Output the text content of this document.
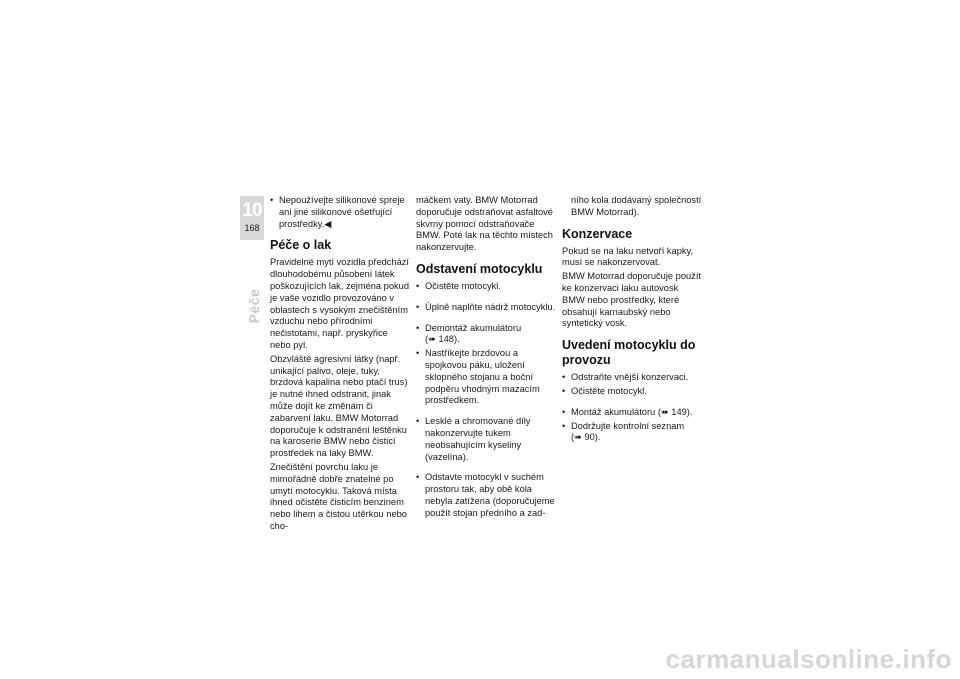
10
168
Péče
• Nepoužívejte silikonové spreje ani jiné silikonové ošetřující prostředky.◀
Péče o lak

Pravidelné mytí vozidla předchází dlouhodobému působení látek poškozujících lak, zejména pokud je vaše vozidlo provozováno v oblastech s vysokým znečištěním vzduchu nebo přírodními nečistotami, např. pryskyřice nebo pyl.

Obzvláště agresivní látky (např. unikající palivo, oleje, tuky, brzdová kapalina nebo ptačí trus) je nutné ihned odstranit, jinak může dojít ke změnám či zabarvení laku. BMW Motorrad doporučuje k odstranění leštěnku na karoserie BMW nebo čisticí prostředek na laky BMW.

Znečištění povrchu laku je mimořádně dobře znatelné po umytí motocyklu. Taková místa ihned očistěte čisticím benzinem nebo lihem a čistou utěrkou nebo cho-

máčkem vaty. BMW Motorrad doporučuje odstraňovat asfaltové skvrny pomocí odstraňovače BMW. Poté lak na těchto místech nakonzervujte.

Odstavení motocyklu
• Očistěte motocykl.
• Úplně naplňte nádrž motocyklu.
• Demontáž akumulátoru
(➠ 148).
• Nastříkejte brzdovou a spojkovou páku, uložení sklopného stojanu a boční podpěru vhodným mazacím prostředkem.
• Lesklé a chromované díly nakonzervujte tukem neobsahujícím kyseliny (vazelína).
• Odstavte motocykl v suchém prostoru tak, aby obě kola nebyla zatížena (doporučujeme použít stojan předního a zad-

ního kola dodávaný společností BMW Motorrad).

Konzervace

Pokud se na laku netvoří kapky, musí se nakonzervovat.

BMW Motorrad doporučuje použít ke konzervaci laku autovosk BMW nebo prostředky, které obsahují karnaubský nebo syntetický vosk.

Uvedení motocyklu do provozu
• Odstraňte vnější konzervaci.
• Očistěte motocykl.
• Montáž akumulátoru (➠ 149).
• Dodržujte kontrolní seznam
(➠ 90).
carmanualsonline.info
